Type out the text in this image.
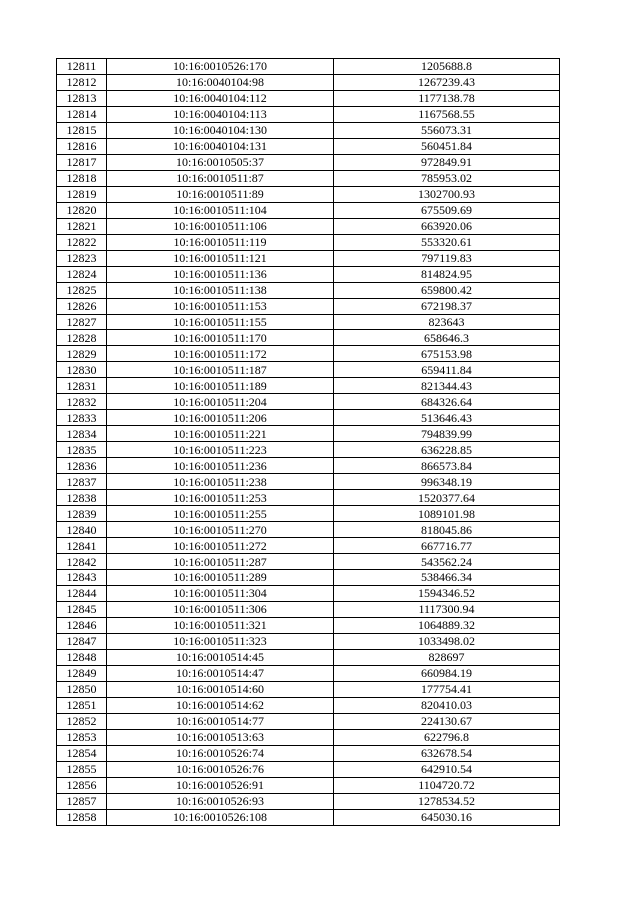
12811	10:16:0010526:170	1205688.8
12812	10:16:0040104:98	1267239.43
12813	10:16:0040104:112	1177138.78
12814	10:16:0040104:113	1167568.55
12815	10:16:0040104:130	556073.31
12816	10:16:0040104:131	560451.84
12817	10:16:0010505:37	972849.91
12818	10:16:0010511:87	785953.02
12819	10:16:0010511:89	1302700.93
12820	10:16:0010511:104	675509.69
12821	10:16:0010511:106	663920.06
12822	10:16:0010511:119	553320.61
12823	10:16:0010511:121	797119.83
12824	10:16:0010511:136	814824.95
12825	10:16:0010511:138	659800.42
12826	10:16:0010511:153	672198.37
12827	10:16:0010511:155	823643
12828	10:16:0010511:170	658646.3
12829	10:16:0010511:172	675153.98
12830	10:16:0010511:187	659411.84
12831	10:16:0010511:189	821344.43
12832	10:16:0010511:204	684326.64
12833	10:16:0010511:206	513646.43
12834	10:16:0010511:221	794839.99
12835	10:16:0010511:223	636228.85
12836	10:16:0010511:236	866573.84
12837	10:16:0010511:238	996348.19
12838	10:16:0010511:253	1520377.64
12839	10:16:0010511:255	1089101.98
12840	10:16:0010511:270	818045.86
12841	10:16:0010511:272	667716.77
12842	10:16:0010511:287	543562.24
12843	10:16:0010511:289	538466.34
12844	10:16:0010511:304	1594346.52
12845	10:16:0010511:306	1117300.94
12846	10:16:0010511:321	1064889.32
12847	10:16:0010511:323	1033498.02
12848	10:16:0010514:45	828697
12849	10:16:0010514:47	660984.19
12850	10:16:0010514:60	177754.41
12851	10:16:0010514:62	820410.03
12852	10:16:0010514:77	224130.67
12853	10:16:0010513:63	622796.8
12854	10:16:0010526:74	632678.54
12855	10:16:0010526:76	642910.54
12856	10:16:0010526:91	1104720.72
12857	10:16:0010526:93	1278534.52
12858	10:16:0010526:108	645030.16
